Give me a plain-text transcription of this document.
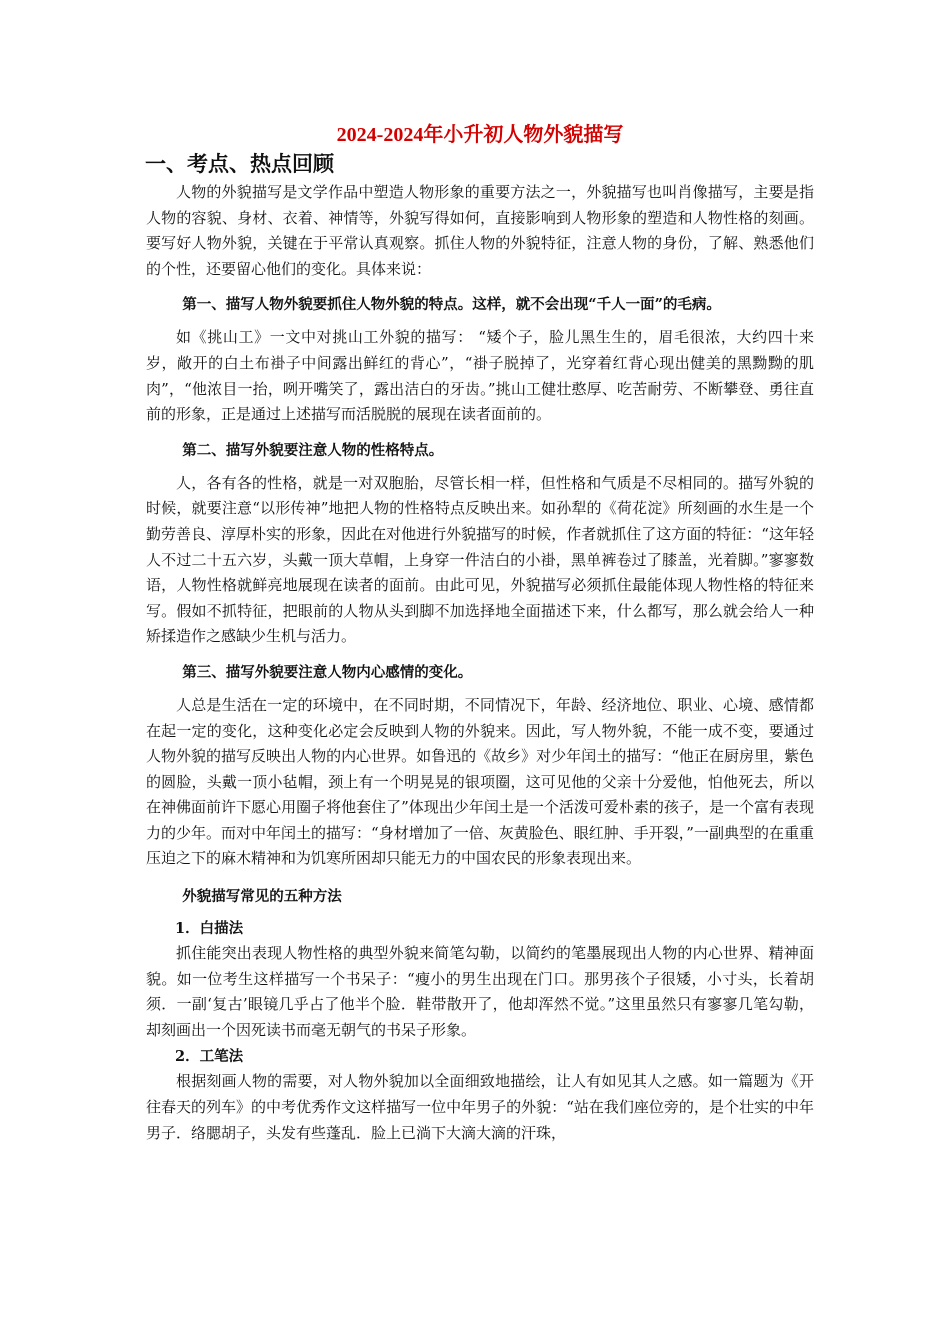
2024-2024年小升初人物外貌描写
一、考点、热点回顾

人物的外貌描写是文学作品中塑造人物形象的重要方法之一，外貌描写也叫肖像描写，主要是指人物的容貌、身材、衣着、神情等，外貌写得如何，直接影响到人物形象的塑造和人物性格的刻画。要写好人物外貌，关键在于平常认真观察。抓住人物的外貌特征，注意人物的身份，了解、熟悉他们的个性，还要留心他们的变化。具体来说：

第一、描写人物外貌要抓住人物外貌的特点。这样，就不会出现“千人一面”的毛病。

如《挑山工》一文中对挑山工外貌的描写： “矮个子，脸儿黑生生的，眉毛很浓，大约四十来岁，敞开的白土布褂子中间露出鲜红的背心”，“褂子脱掉了，光穿着红背心现出健美的黑黝黝的肌肉”，“他浓目一抬，咧开嘴笑了，露出洁白的牙齿。”挑山工健壮憨厚、吃苦耐劳、不断攀登、勇往直前的形象，正是通过上述描写而活脱脱的展现在读者面前的。

第二、描写外貌要注意人物的性格特点。

人，各有各的性格，就是一对双胞胎，尽管长相一样，但性格和气质是不尽相同的。描写外貌的时候，就要注意“以形传神”地把人物的性格特点反映出来。如孙犁的《荷花淀》所刻画的水生是一个勤劳善良、淳厚朴实的形象，因此在对他进行外貌描写的时候，作者就抓住了这方面的特征：“这年轻人不过二十五六岁，头戴一顶大草帽，上身穿一件洁白的小褂，黑单裤卷过了膝盖，光着脚。”寥寥数语，人物性格就鲜亮地展现在读者的面前。由此可见，外貌描写必须抓住最能体现人物性格的特征来写。假如不抓特征，把眼前的人物从头到脚不加选择地全面描述下来，什么都写，那么就会给人一种矫揉造作之感缺少生机与活力。

第三、描写外貌要注意人物内心感情的变化。

人总是生活在一定的环境中，在不同时期，不同情况下，年龄、经济地位、职业、心境、感情都在起一定的变化，这种变化必定会反映到人物的外貌来。因此，写人物外貌，不能一成不变，要通过人物外貌的描写反映出人物的内心世界。如鲁迅的《故乡》对少年闰土的描写：“他正在厨房里，紫色的圆脸，头戴一顶小毡帽，颈上有一个明晃晃的银项圈，这可见他的父亲十分爱他，怕他死去，所以在神佛面前许下愿心用圈子将他套住了”体现出少年闰土是一个活泼可爱朴素的孩子，是一个富有表现力的少年。而对中年闰土的描写：“身材增加了一倍、灰黄脸色、眼红肿、手开裂，”一副典型的在重重压迫之下的麻木精神和为饥寒所困却只能无力的中国农民的形象表现出来。

外貌描写常见的五种方法

1．白描法

抓住能突出表现人物性格的典型外貌来简笔勾勒，以简约的笔墨展现出人物的内心世界、精神面貌。如一位考生这样描写一个书呆子：“瘦小的男生出现在门口。那男孩个子很矮，小寸头，长着胡须．一副‘复古’眼镜几乎占了他半个脸．鞋带散开了，他却浑然不觉。”这里虽然只有寥寥几笔勾勒，却刻画出一个因死读书而毫无朝气的书呆子形象。

2．工笔法

根据刻画人物的需要，对人物外貌加以全面细致地描绘，让人有如见其人之感。如一篇题为《开往春天的列车》的中考优秀作文这样描写一位中年男子的外貌：“站在我们座位旁的，是个壮实的中年男子．络腮胡子，头发有些蓬乱．脸上已淌下大滴大滴的汗珠，
